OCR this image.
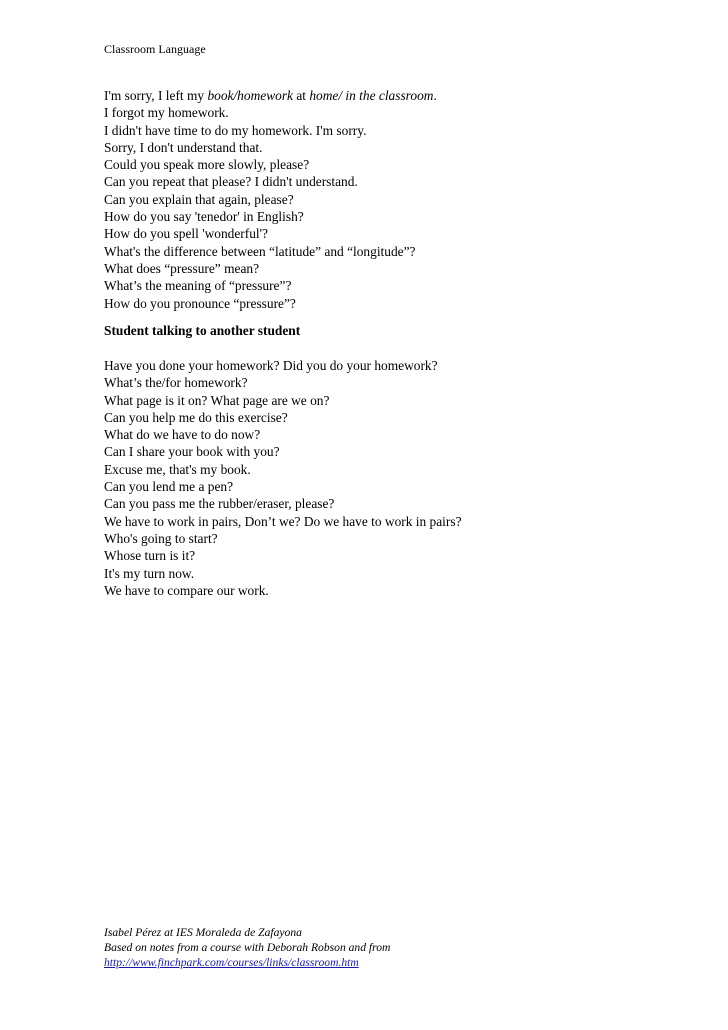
Classroom Language
I'm sorry, I left my book/homework at home/ in the classroom.
I forgot my homework.
I didn't have time to do my homework. I'm sorry.
Sorry, I don't understand that.
Could you speak more slowly, please?
Can you repeat that please? I didn't understand.
Can you explain that again, please?
How do you say 'tenedor' in English?
How do you spell 'wonderful'?
What's the difference between “latitude” and “longitude”?
What does “pressure” mean?
What’s the meaning of “pressure”?
How do you pronounce “pressure”?
Student talking to another student
Have you done your homework? Did you do your homework?
What’s the/for homework?
What page is it on? What page are we on?
Can you help me do this exercise?
What do we have to do now?
Can I share your book with you?
Excuse me, that's my book.
Can you lend me a pen?
Can you pass me the rubber/eraser, please?
We have to work in pairs, Don’t we? Do we have to work in pairs?
Who's going to start?
Whose turn is it?
It's my turn now.
We have to compare our work.
Isabel Pérez at IES Moraleda de Zafayona
Based on notes from a course with Deborah Robson and from
http://www.finchpark.com/courses/links/classroom.htm
